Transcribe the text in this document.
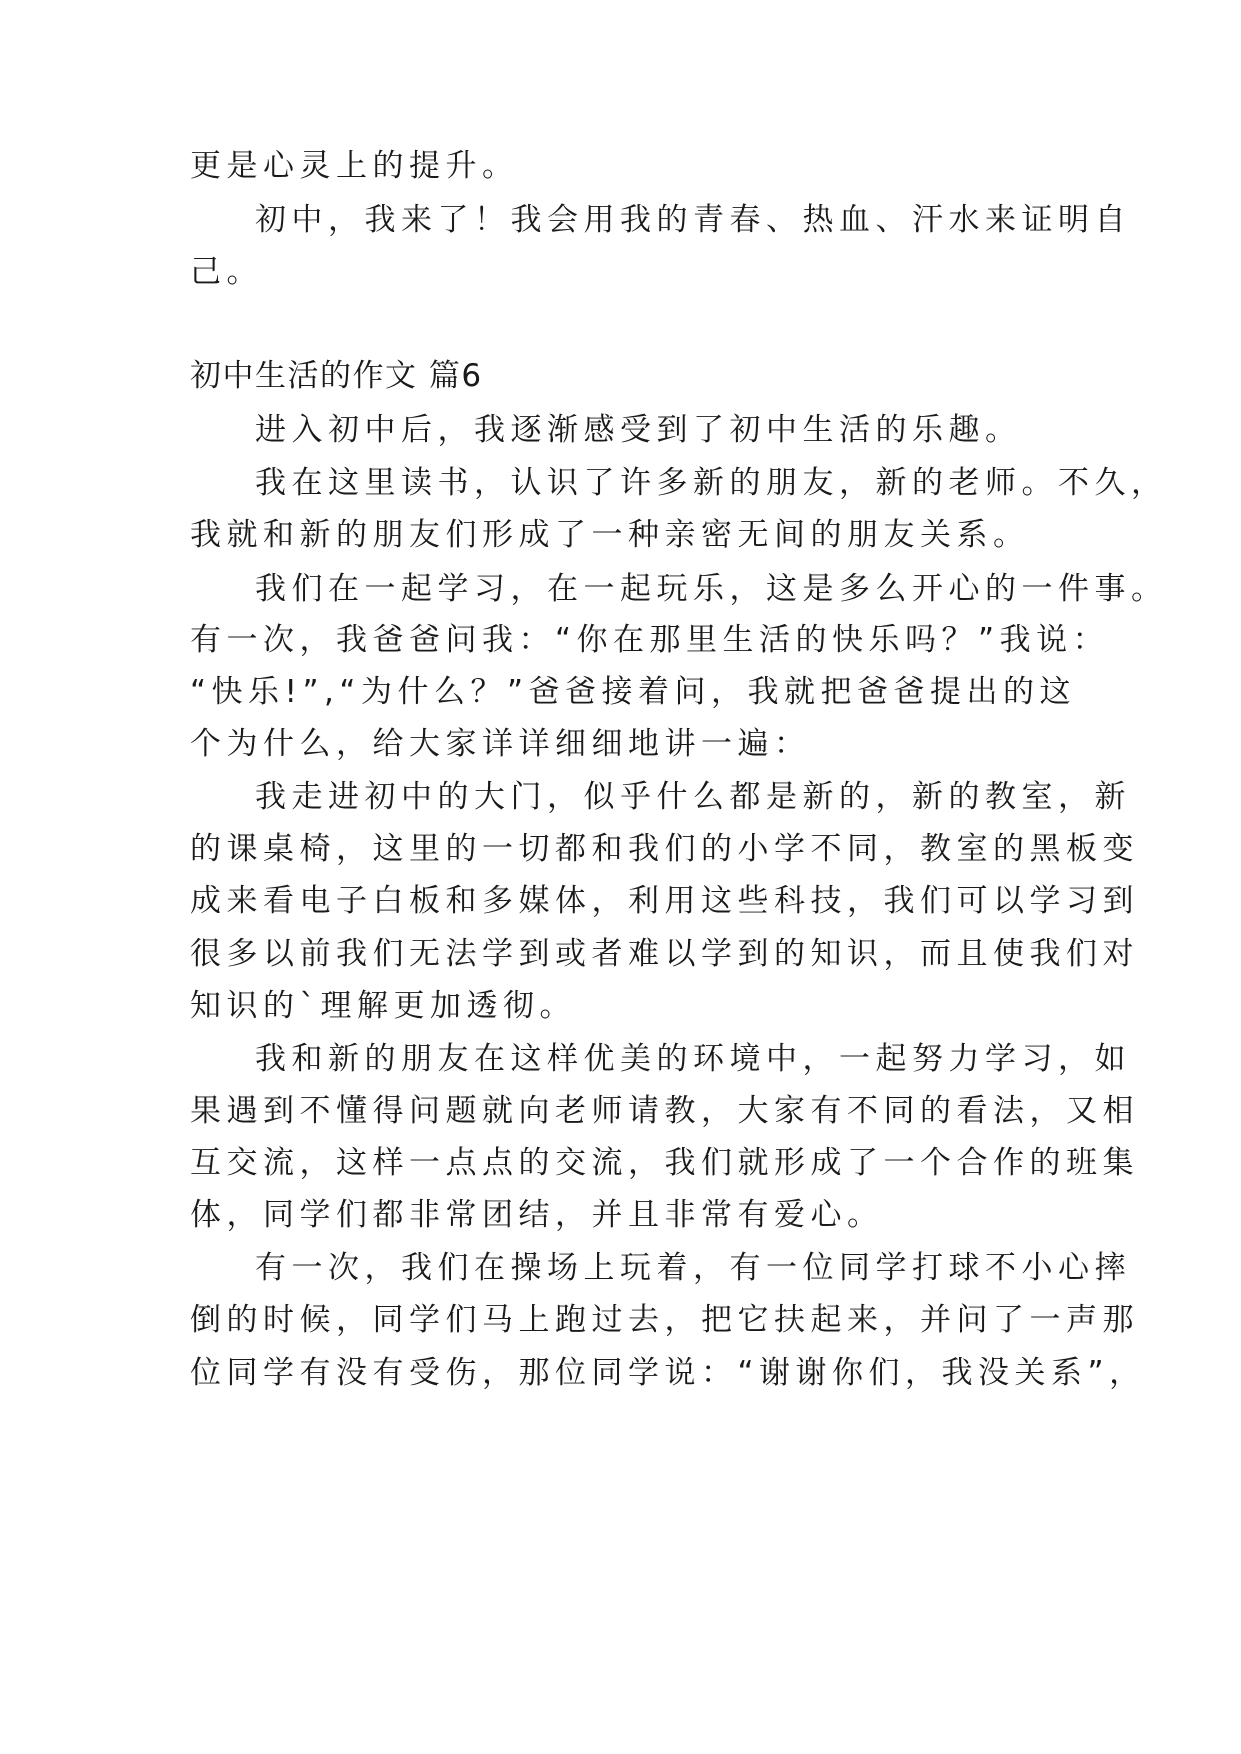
更是心灵上的提升。
初中，我来了！我会用我的青春、热血、汗水来证明自
己。
初中生活的作文 篇6
进入初中后，我逐渐感受到了初中生活的乐趣。
我在这里读书，认识了许多新的朋友，新的老师。不久，
我就和新的朋友们形成了一种亲密无间的朋友关系。
我们在一起学习，在一起玩乐，这是多么开心的一件事。
有一次，我爸爸问我：“你在那里生活的快乐吗？”我说：
“快乐!”,“为什么？”爸爸接着问，我就把爸爸提出的这
个为什么，给大家详详细细地讲一遍：
我走进初中的大门，似乎什么都是新的，新的教室，新
的课桌椅，这里的一切都和我们的小学不同，教室的黑板变
成来看电子白板和多媒体，利用这些科技，我们可以学习到
很多以前我们无法学到或者难以学到的知识，而且使我们对
知识的`理解更加透彻。
我和新的朋友在这样优美的环境中，一起努力学习，如
果遇到不懂得问题就向老师请教，大家有不同的看法，又相
互交流，这样一点点的交流，我们就形成了一个合作的班集
体，同学们都非常团结，并且非常有爱心。
有一次，我们在操场上玩着，有一位同学打球不小心摔
倒的时候，同学们马上跑过去，把它扶起来，并问了一声那
位同学有没有受伤，那位同学说：“谢谢你们，我没关系”，
